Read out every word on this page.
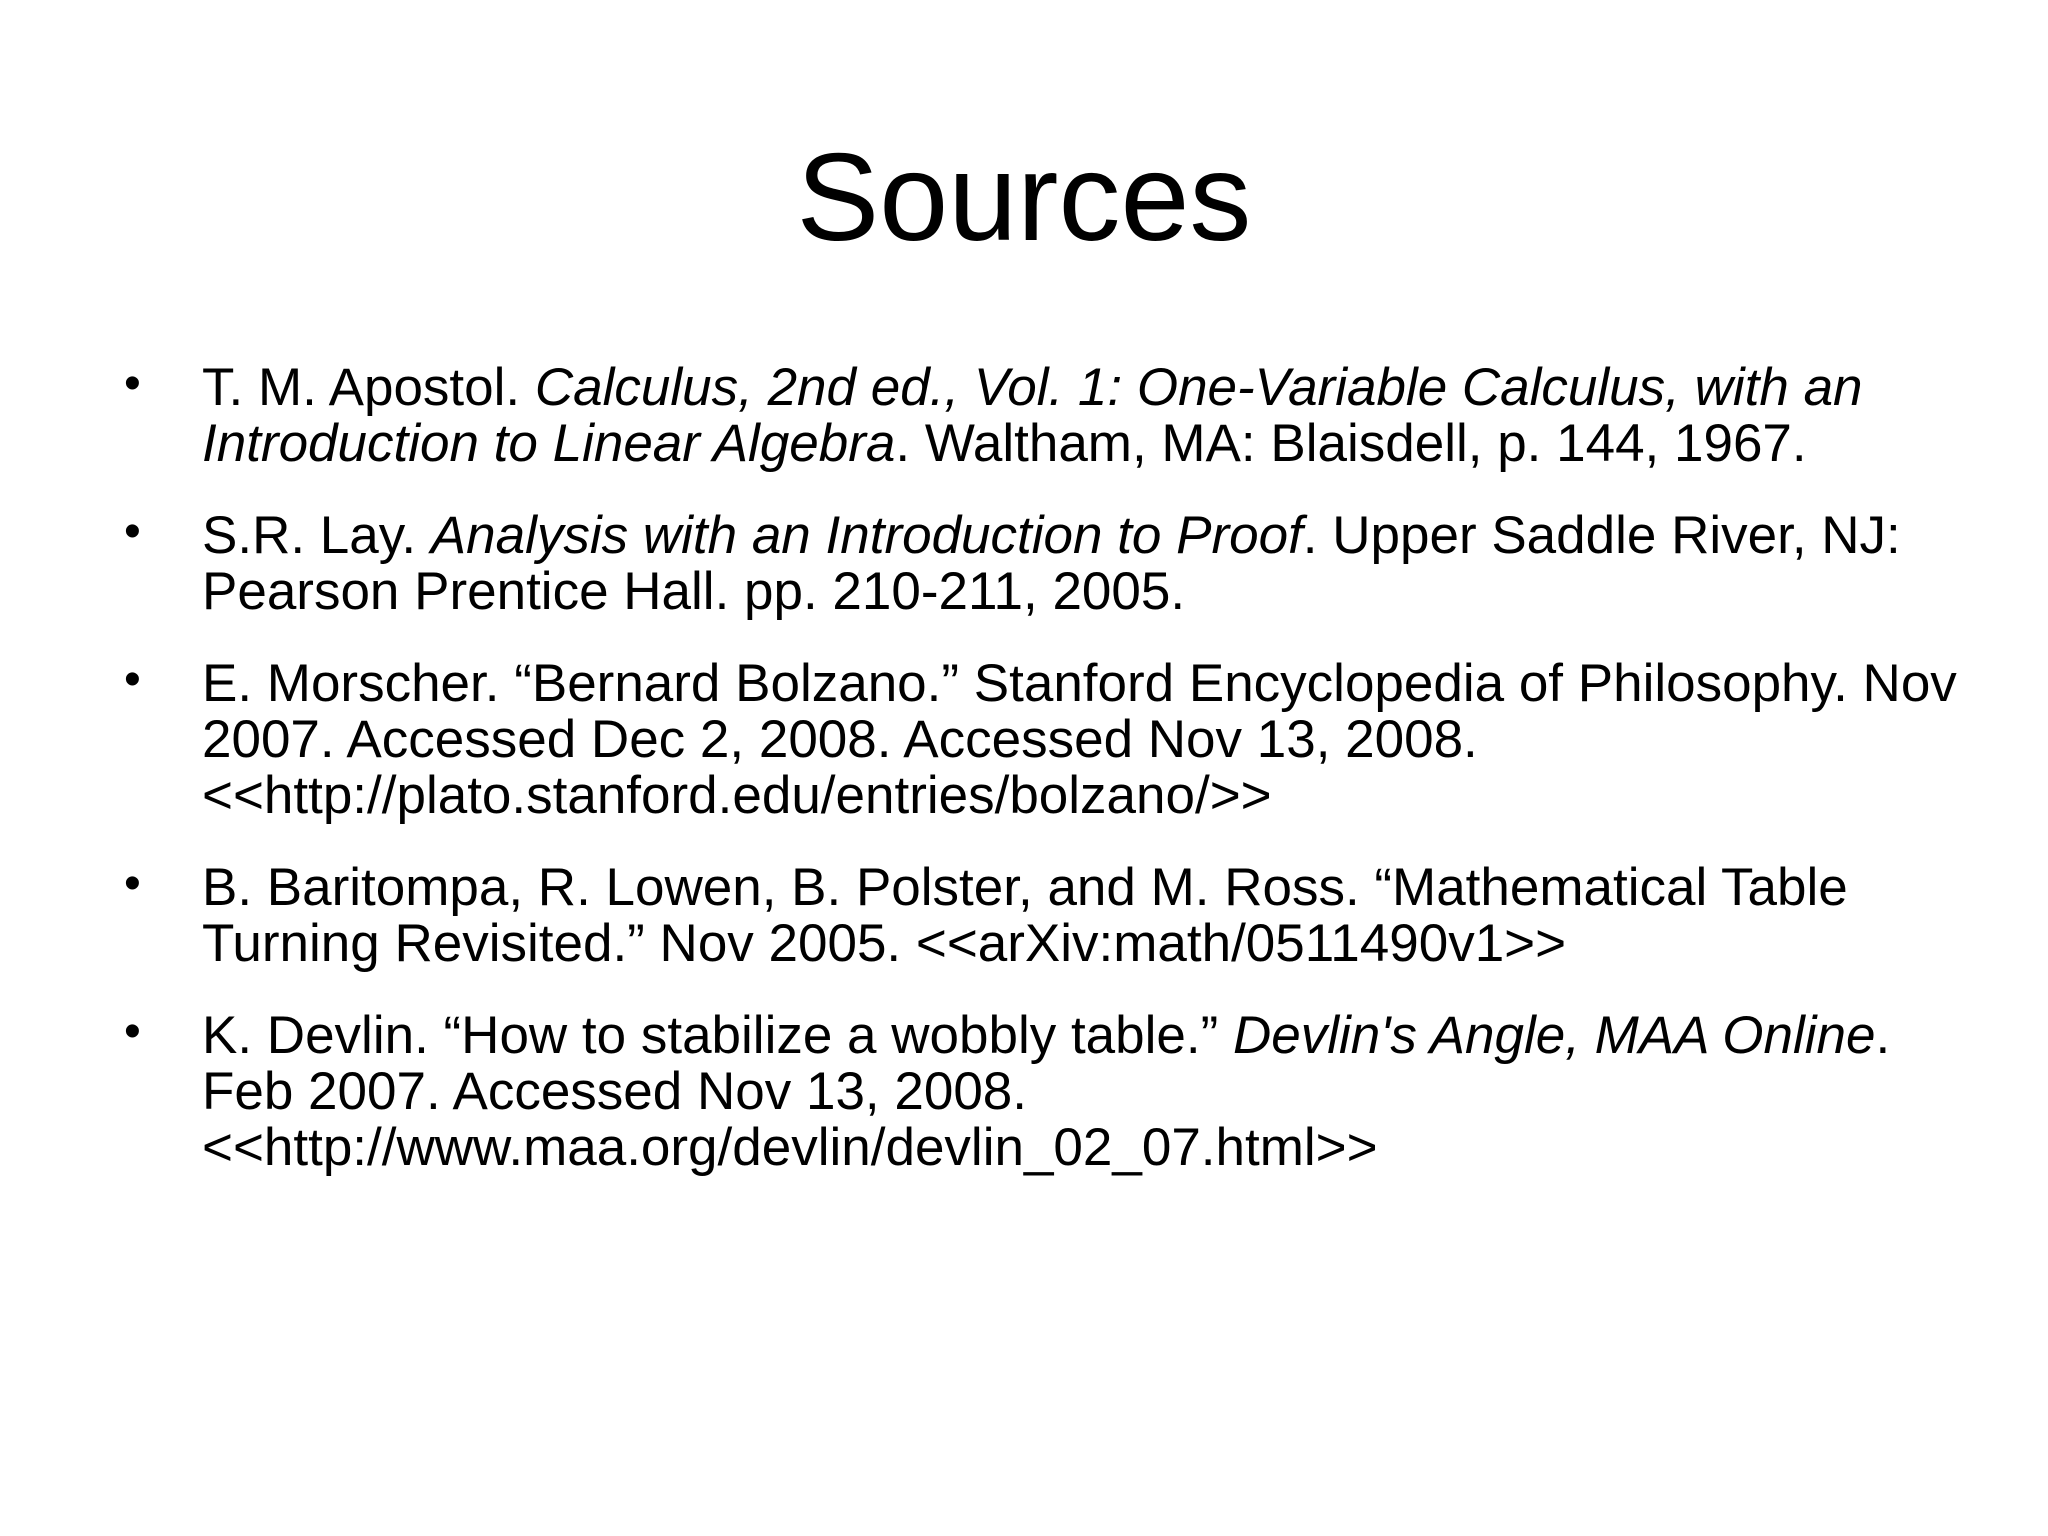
Sources
• T. M. Apostol. Calculus, 2nd ed., Vol. 1: One-Variable Calculus, with an Introduction to Linear Algebra. Waltham, MA: Blaisdell, p. 144, 1967.
• S.R. Lay. Analysis with an Introduction to Proof. Upper Saddle River, NJ: Pearson Prentice Hall. pp. 210-211, 2005.
• E. Morscher. “Bernard Bolzano.” Stanford Encyclopedia of Philosophy. Nov 2007. Accessed Dec 2, 2008. Accessed Nov 13, 2008. <<http://plato.stanford.edu/entries/bolzano/>>
• B. Baritompa, R. Lowen, B. Polster, and M. Ross. “Mathematical Table Turning Revisited.” Nov 2005. <<arXiv:math/0511490v1>>
• K. Devlin. “How to stabilize a wobbly table.” Devlin's Angle, MAA Online. Feb 2007. Accessed Nov 13, 2008. <<http://www.maa.org/devlin/devlin_02_07.html>>
